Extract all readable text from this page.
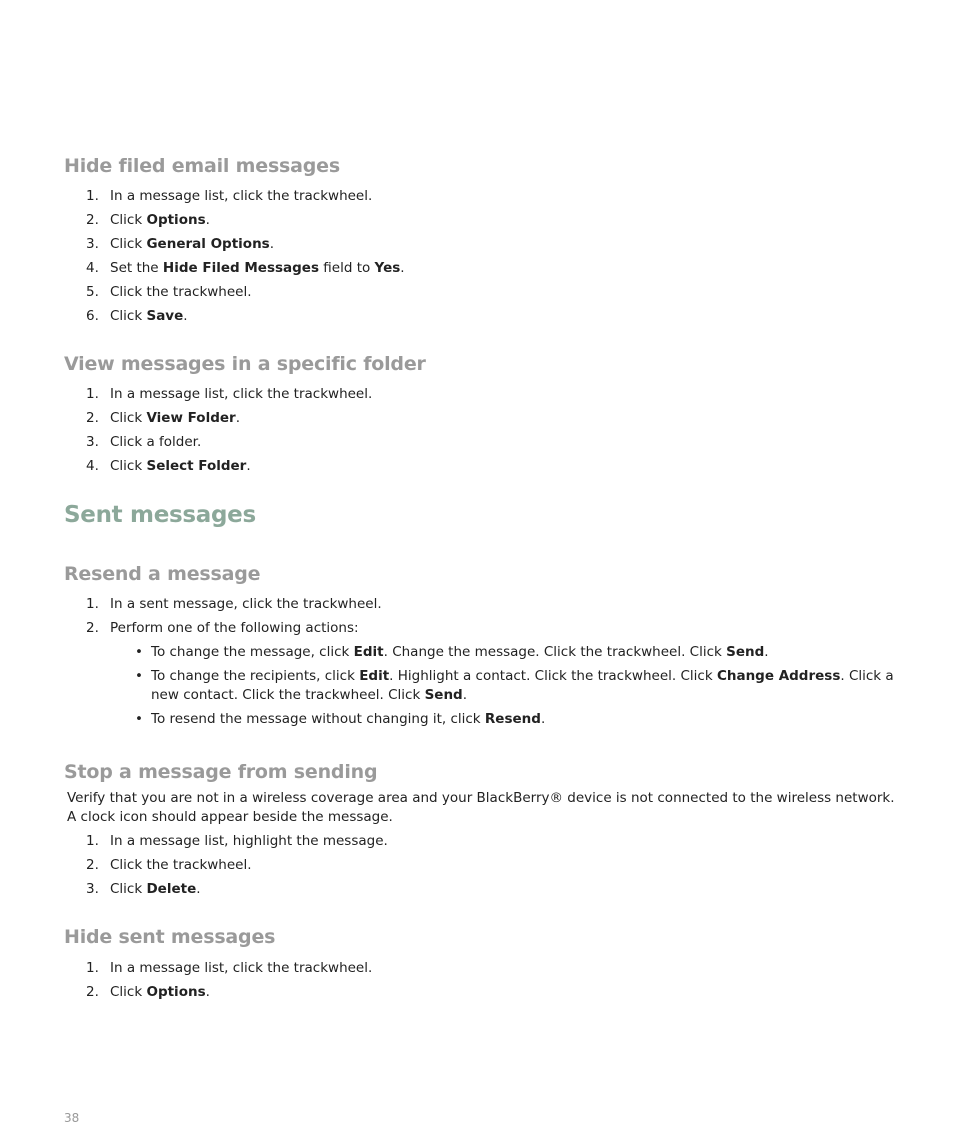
Hide filed email messages
1. In a message list, click the trackwheel.
2. Click Options.
3. Click General Options.
4. Set the Hide Filed Messages field to Yes.
5. Click the trackwheel.
6. Click Save.
View messages in a specific folder
1. In a message list, click the trackwheel.
2. Click View Folder.
3. Click a folder.
4. Click Select Folder.
Sent messages
Resend a message
1. In a sent message, click the trackwheel.
2. Perform one of the following actions:
• To change the message, click Edit. Change the message. Click the trackwheel. Click Send.
• To change the recipients, click Edit. Highlight a contact. Click the trackwheel. Click Change Address. Click a new contact. Click the trackwheel. Click Send.
• To resend the message without changing it, click Resend.
Stop a message from sending
Verify that you are not in a wireless coverage area and your BlackBerry® device is not connected to the wireless network. A clock icon should appear beside the message.
1. In a message list, highlight the message.
2. Click the trackwheel.
3. Click Delete.
Hide sent messages
1. In a message list, click the trackwheel.
2. Click Options.
38
